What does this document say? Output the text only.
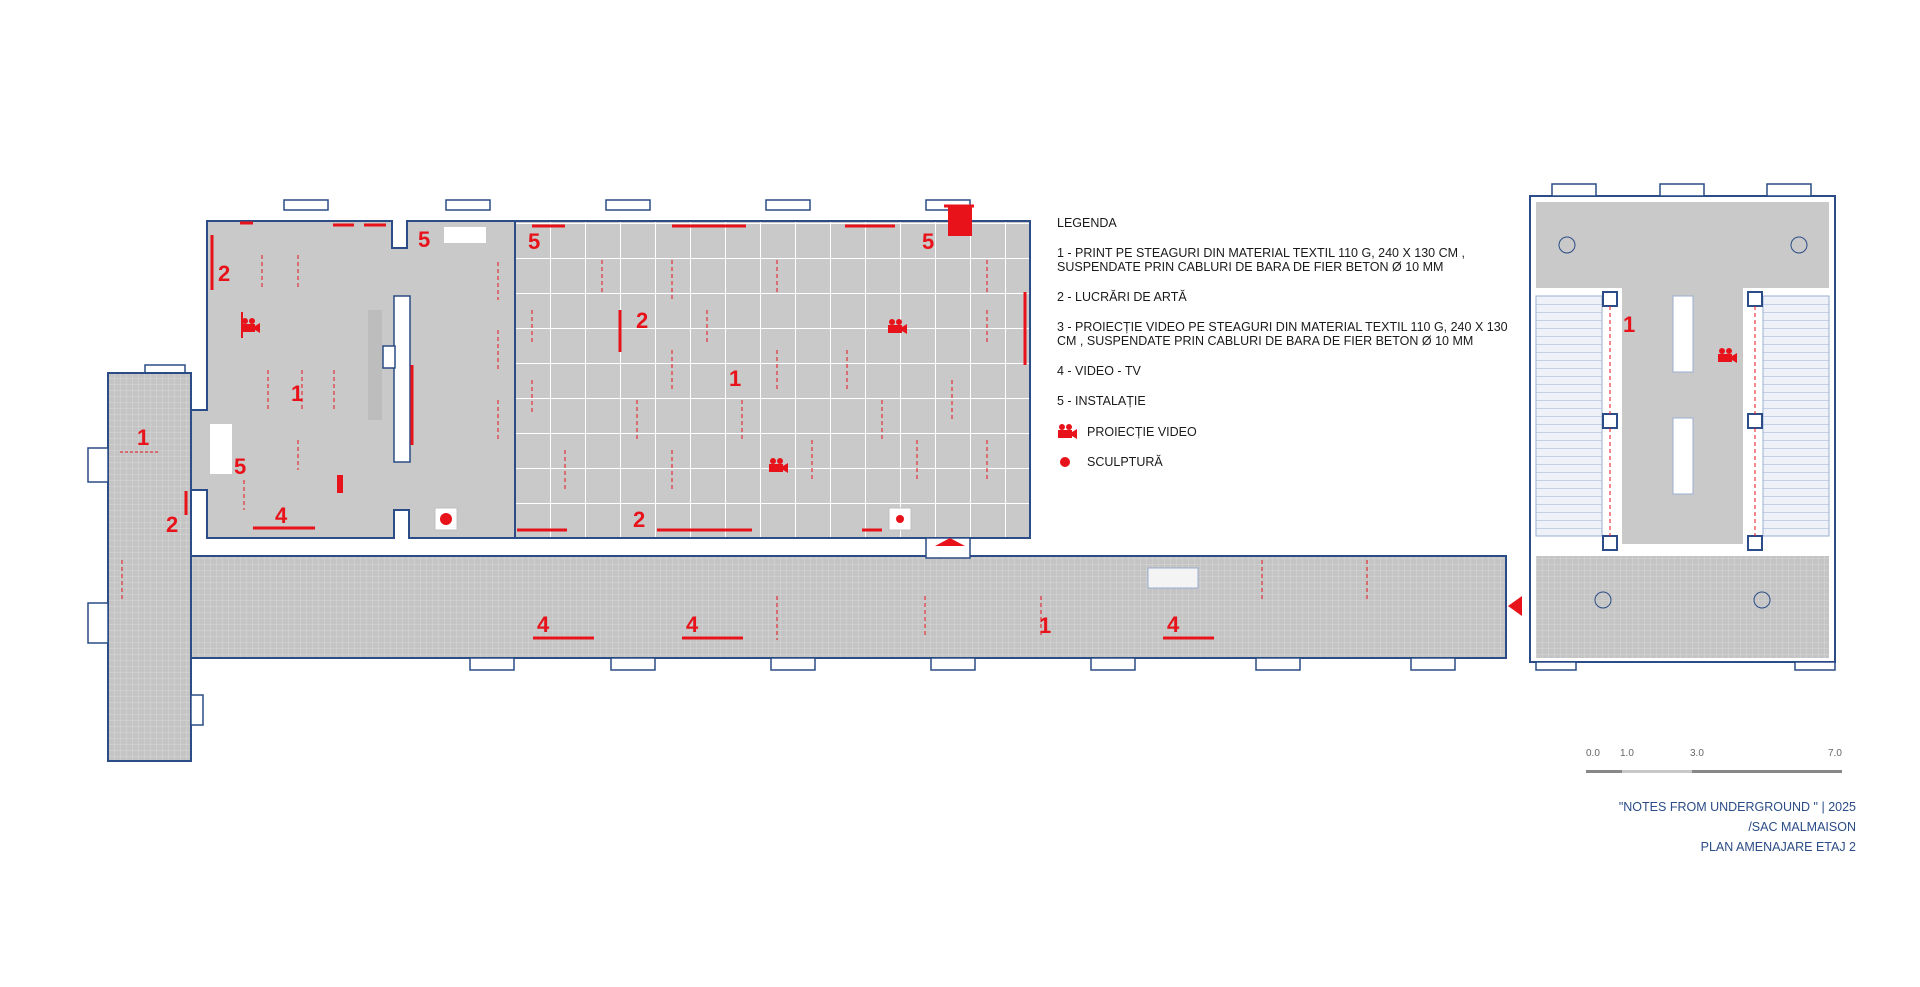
1
2
2
1
5
4
5	5
2
1
2
5
4	4	1	4
1
LEGENDA
1 - PRINT PE STEAGURI DIN MATERIAL TEXTIL 110 G, 240 X 130 CM , SUSPENDATE PRIN CABLURI DE BARA DE FIER BETON Ø 10 MM
2 - LUCRĂRI DE ARTĂ
3 - PROIECȚIE VIDEO PE STEAGURI DIN MATERIAL TEXTIL 110 G, 240 X 130 CM , SUSPENDATE PRIN CABLURI DE BARA DE FIER BETON Ø 10 MM
4 - VIDEO - TV
5 - INSTALAȚIE
PROIECȚIE VIDEO
SCULPTURĂ
0.0 1.0	3.0	7.0
"NOTES FROM UNDERGROUND " | 2025
/SAC MALMAISON
PLAN AMENAJARE ETAJ 2
